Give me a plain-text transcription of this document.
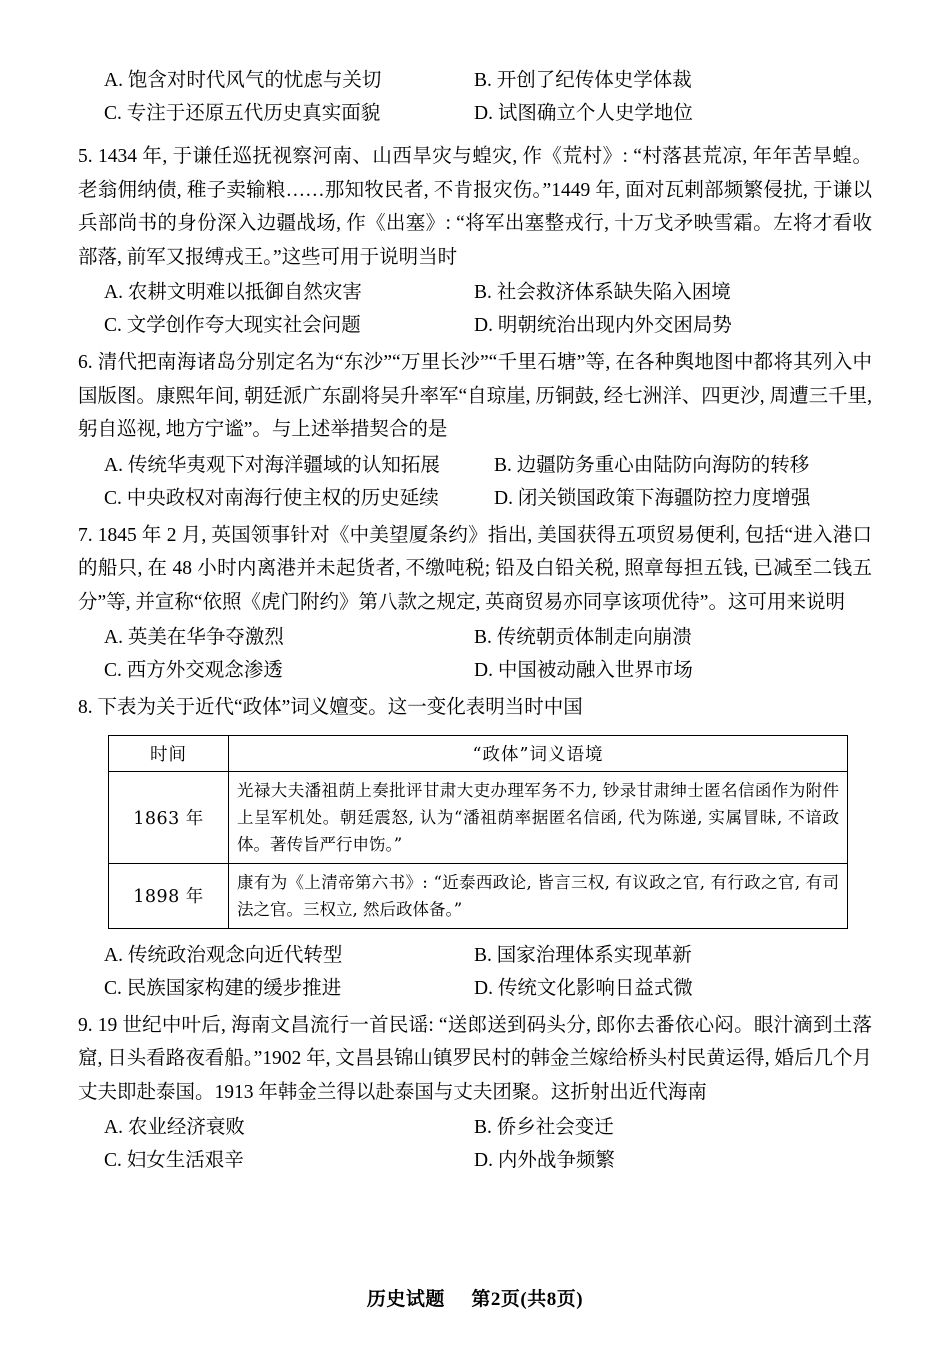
A. 饱含对时代风气的忧虑与关切	B. 开创了纪传体史学体裁
C. 专注于还原五代历史真实面貌	D. 试图确立个人史学地位
5. 1434 年, 于谦任巡抚视察河南、山西旱灾与蝗灾, 作《荒村》: “村落甚荒凉, 年年苦旱蝗。老翁佣纳债, 稚子卖输粮……那知牧民者, 不肯报灾伤。”1449 年, 面对瓦剌部频繁侵扰, 于谦以兵部尚书的身份深入边疆战场, 作《出塞》: “将军出塞整戎行, 十万戈矛映雪霜。左将才看收部落, 前军又报缚戎王。”这些可用于说明当时
A. 农耕文明难以抵御自然灾害	B. 社会救济体系缺失陷入困境
C. 文学创作夸大现实社会问题	D. 明朝统治出现内外交困局势
6. 清代把南海诸岛分别定名为“东沙”“万里长沙”“千里石塘”等, 在各种舆地图中都将其列入中国版图。康熙年间, 朝廷派广东副将吴升率军“自琼崖, 历铜鼓, 经七洲洋、四更沙, 周遭三千里, 躬自巡视, 地方宁谧”。与上述举措契合的是
A. 传统华夷观下对海洋疆域的认知拓展	B. 边疆防务重心由陆防向海防的转移
C. 中央政权对南海行使主权的历史延续	D. 闭关锁国政策下海疆防控力度增强
7. 1845 年 2 月, 英国领事针对《中美望厦条约》指出, 美国获得五项贸易便利, 包括“进入港口的船只, 在 48 小时内离港并未起货者, 不缴吨税; 铅及白铅关税, 照章每担五钱, 已减至二钱五分”等, 并宣称“依照《虎门附约》第八款之规定, 英商贸易亦同享该项优待”。这可用来说明
A. 英美在华争夺激烈	B. 传统朝贡体制走向崩溃
C. 西方外交观念渗透	D. 中国被动融入世界市场
8. 下表为关于近代“政体”词义嬗变。这一变化表明当时中国
时间	“政体”词义语境
1863 年	光禄大夫潘祖荫上奏批评甘肃大吏办理军务不力, 钞录甘肃绅士匿名信函作为附件上呈军机处。朝廷震怒, 认为“潘祖荫率据匿名信函, 代为陈递, 实属冒昧, 不谙政体。著传旨严行申饬。”
1898 年	康有为《上清帝第六书》: “近泰西政论, 皆言三权, 有议政之官, 有行政之官, 有司法之官。三权立, 然后政体备。”
A. 传统政治观念向近代转型	B. 国家治理体系实现革新
C. 民族国家构建的缓步推进	D. 传统文化影响日益式微
9. 19 世纪中叶后, 海南文昌流行一首民谣: “送郎送到码头分, 郎你去番依心闷。眼汁滴到土落窟, 日头看路夜看船。”1902 年, 文昌县锦山镇罗民村的韩金兰嫁给桥头村民黄运得, 婚后几个月丈夫即赴泰国。1913 年韩金兰得以赴泰国与丈夫团聚。这折射出近代海南
A. 农业经济衰败	B. 侨乡社会变迁
C. 妇女生活艰辛	D. 内外战争频繁
历史试题 第2页(共8页)
